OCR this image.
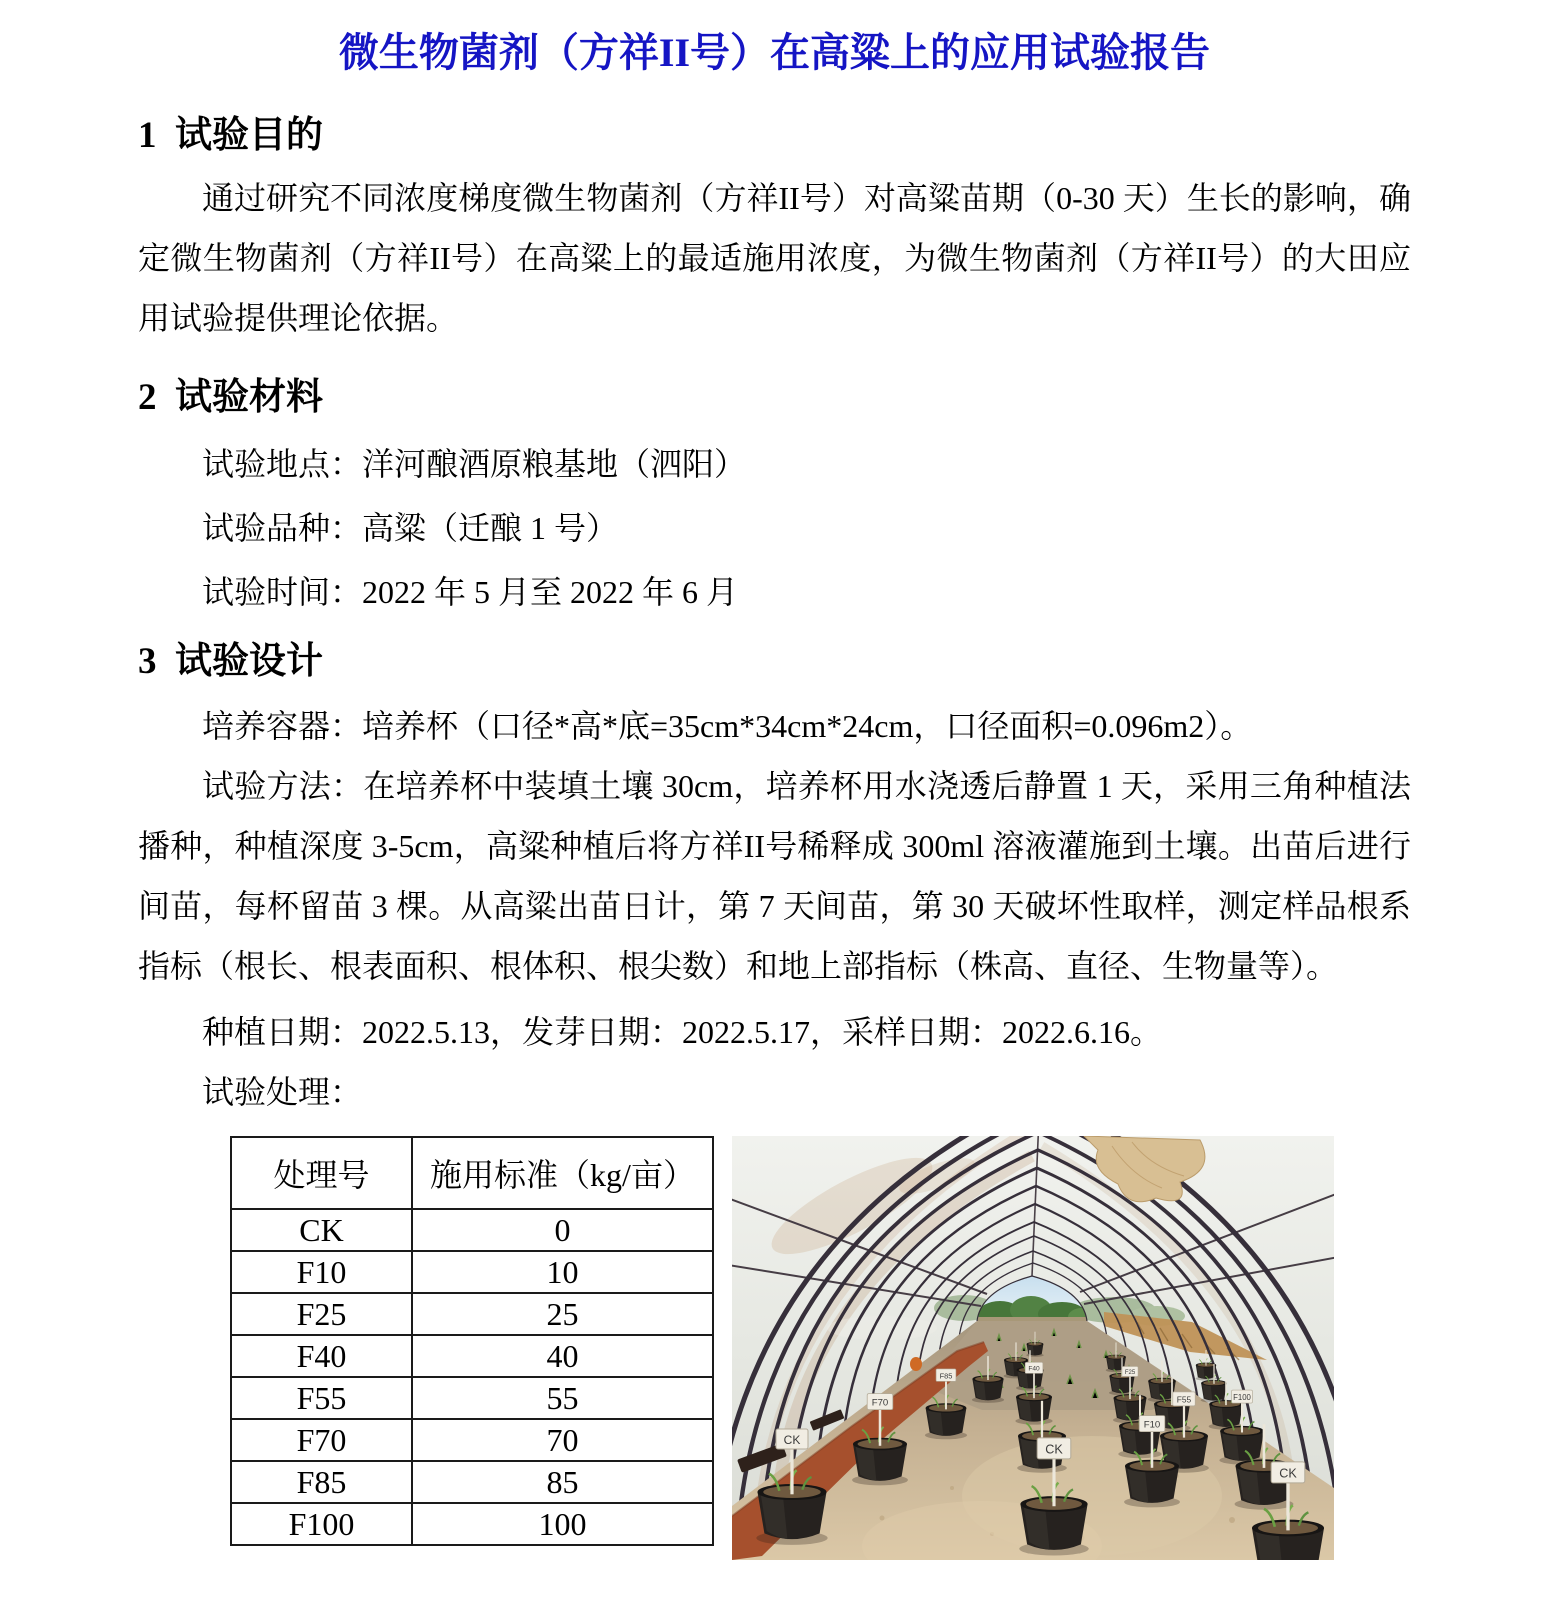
微生物菌剂（方祥II号）在高粱上的应用试验报告
1  试验目的

通过研究不同浓度梯度微生物菌剂（方祥II号）对高粱苗期（0-30 天）生长的影响，确定微生物菌剂（方祥II号）在高粱上的最适施用浓度，为微生物菌剂（方祥II号）的大田应用试验提供理论依据。

2  试验材料

试验地点：洋河酿酒原粮基地（泗阳）

试验品种：高粱（迁酿 1 号）

试验时间：2022 年 5 月至 2022 年 6 月

3  试验设计

培养容器：培养杯（口径*高*底=35cm*34cm*24cm，口径面积=0.096m2）。

试验方法：在培养杯中装填土壤 30cm，培养杯用水浇透后静置 1 天，采用三角种植法播种，种植深度 3-5cm，高粱种植后将方祥II号稀释成 300ml 溶液灌施到土壤。出苗后进行间苗，每杯留苗 3 棵。从高粱出苗日计，第 7 天间苗，第 30 天破坏性取样，测定样品根系指标（根长、根表面积、根体积、根尖数）和地上部指标（株高、直径、生物量等）。

种植日期：2022.5.13，发芽日期：2022.5.17，采样日期：2022.6.16。

试验处理：

处理号	施用标准（kg/亩）
CK	0
F10	10
F25	25
F40	40
F55	55
F70	70
F85	85
F100	100
CK
F70
F85
CK
F40
F10
F55
F25
CK
F100
